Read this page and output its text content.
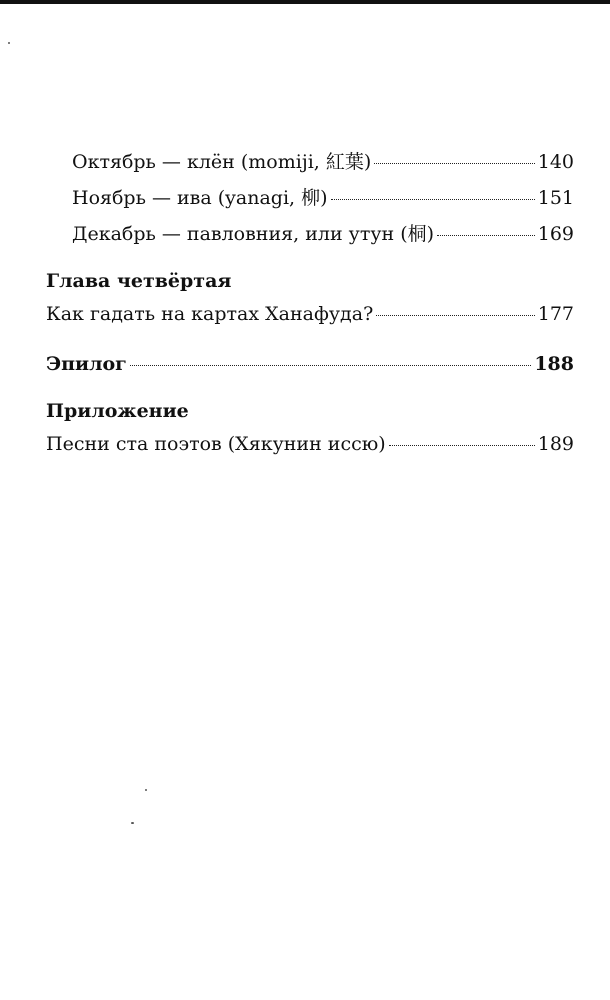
Октябрь — клён (momiji, 紅葉)	140
Ноябрь — ива (yanagi, 柳)	151
Декабрь — павловния, или утун (桐)	169
Глава четвёртая
Как гадать на картах Ханафуда?	177
Эпилог	188
Приложение
Песни ста поэтов (Хякунин иссю)	189
